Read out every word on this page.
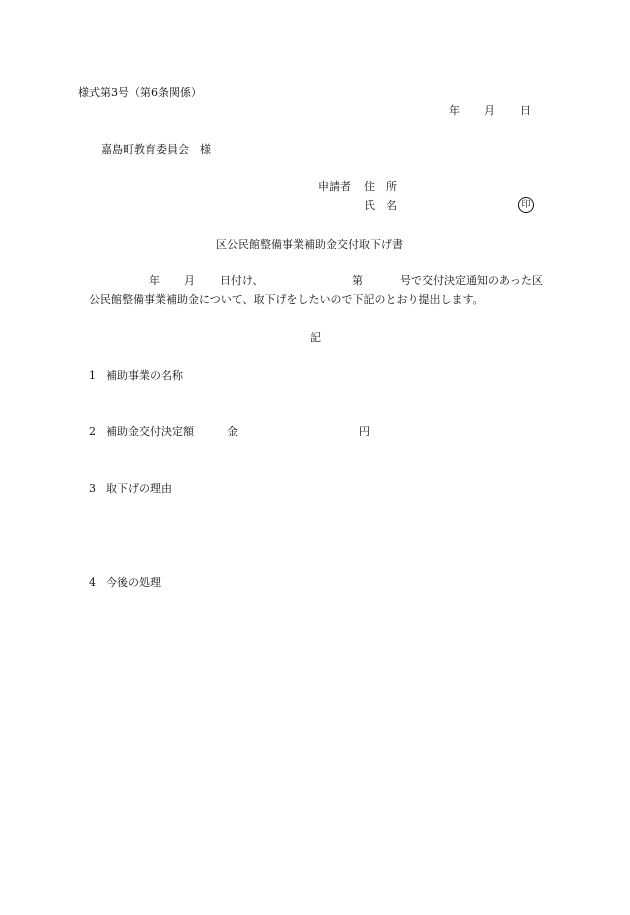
様式第3号（第6条関係）
年 月 日
嘉島町教育委員会　様
申請者 住　所
氏　名	印
区公民館整備事業補助金交付取下げ書
年 月 日付け、	第	号で交付決定通知のあった区
公民館整備事業補助金について、取下げをしたいので下記のとおり提出します。
記
1 補助事業の名称
2 補助金交付決定額	金	円
3 取下げの理由
4 今後の処理
